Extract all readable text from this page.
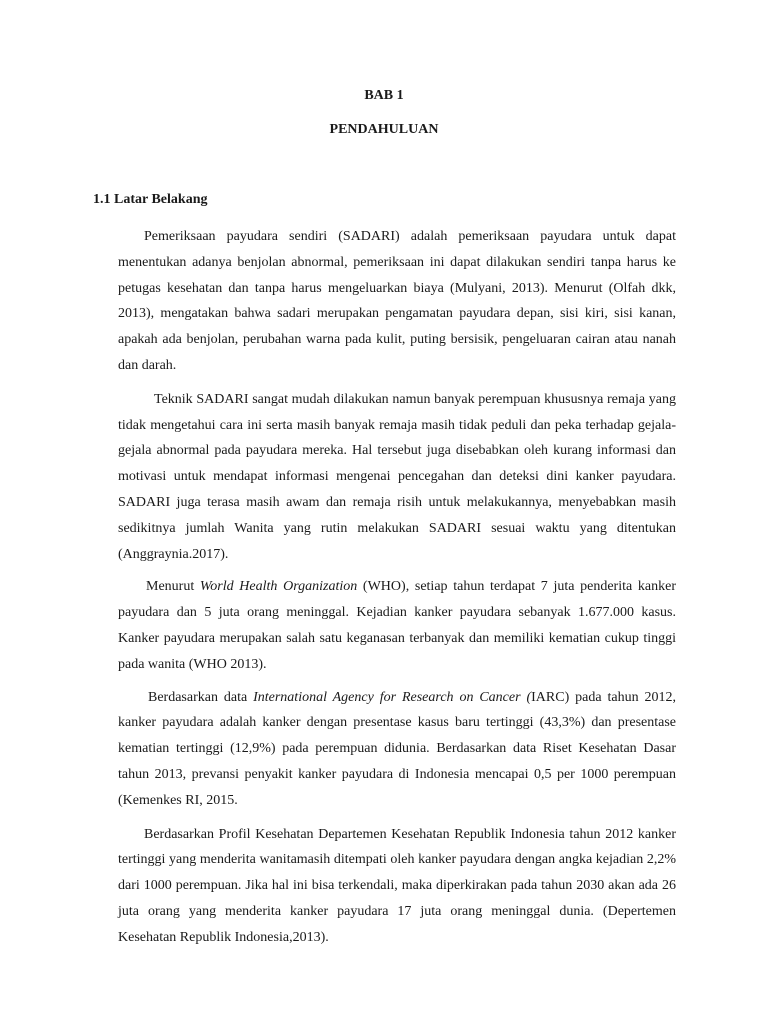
BAB 1
PENDAHULUAN
1.1 Latar Belakang

Pemeriksaan payudara sendiri (SADARI) adalah pemeriksaan payudara untuk dapat menentukan adanya benjolan abnormal, pemeriksaan ini dapat dilakukan sendiri tanpa harus ke petugas kesehatan dan tanpa harus mengeluarkan biaya (Mulyani, 2013). Menurut (Olfah dkk, 2013), mengatakan bahwa sadari merupakan pengamatan payudara depan, sisi kiri, sisi kanan, apakah ada benjolan, perubahan warna pada kulit, puting bersisik, pengeluaran cairan atau nanah dan darah.

Teknik SADARI sangat mudah dilakukan namun banyak perempuan khususnya remaja yang tidak mengetahui cara ini serta masih banyak remaja masih tidak peduli dan peka terhadap gejala-gejala abnormal pada payudara mereka. Hal tersebut juga disebabkan oleh kurang informasi dan motivasi untuk mendapat informasi mengenai pencegahan dan deteksi dini kanker payudara. SADARI juga terasa masih awam dan remaja risih untuk melakukannya, menyebabkan masih sedikitnya jumlah Wanita yang rutin melakukan SADARI sesuai waktu yang ditentukan (Anggraynia.2017).

Menurut World Health Organization (WHO), setiap tahun terdapat 7 juta penderita kanker payudara dan 5 juta orang meninggal. Kejadian kanker payudara sebanyak 1.677.000 kasus. Kanker payudara merupakan salah satu keganasan terbanyak dan memiliki kematian cukup tinggi pada wanita (WHO 2013).

Berdasarkan data International Agency for Research on Cancer (IARC) pada tahun 2012, kanker payudara adalah kanker dengan presentase kasus baru tertinggi (43,3%) dan presentase kematian tertinggi (12,9%) pada perempuan didunia. Berdasarkan data Riset Kesehatan Dasar tahun 2013, prevansi penyakit kanker payudara di Indonesia mencapai 0,5 per 1000 perempuan (Kemenkes RI, 2015.

Berdasarkan Profil Kesehatan Departemen Kesehatan Republik Indonesia tahun 2012 kanker tertinggi yang menderita wanitamasih ditempati oleh kanker payudara dengan angka kejadian 2,2% dari 1000 perempuan. Jika hal ini bisa terkendali, maka diperkirakan pada tahun 2030 akan ada 26 juta orang yang menderita kanker payudara 17 juta orang meninggal dunia. (Depertemen Kesehatan Republik Indonesia,2013).
